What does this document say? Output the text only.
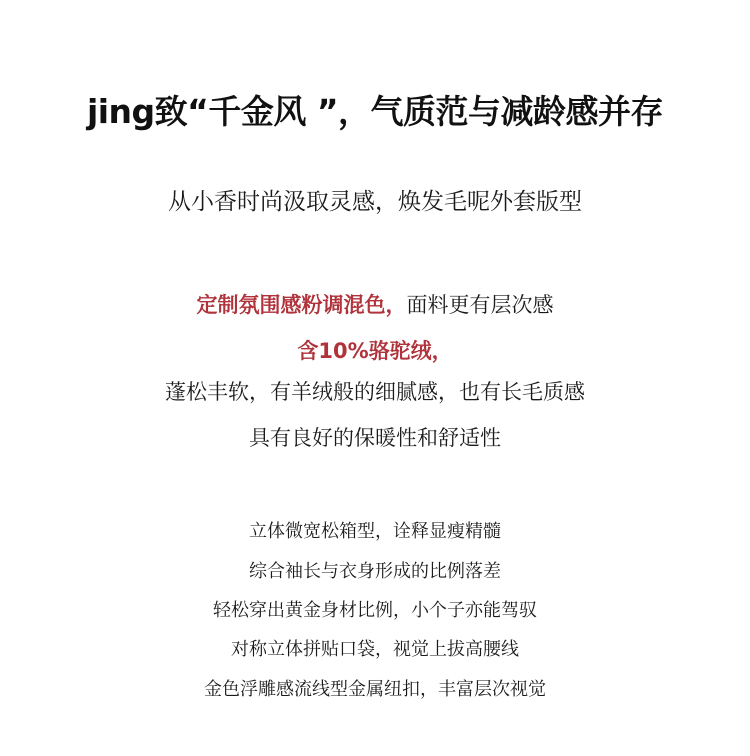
jing致“千金风 ”，气质范与减龄感并存
从小香时尚汲取灵感，焕发毛呢外套版型
定制氛围感粉调混色，面料更有层次感
含10%骆驼绒，
蓬松丰软，有羊绒般的细腻感，也有长毛质感
具有良好的保暖性和舒适性
立体微宽松箱型，诠释显瘦精髓
综合袖长与衣身形成的比例落差
轻松穿出黄金身材比例，小个子亦能驾驭
对称立体拼贴口袋，视觉上拔高腰线
金色浮雕感流线型金属纽扣，丰富层次视觉
